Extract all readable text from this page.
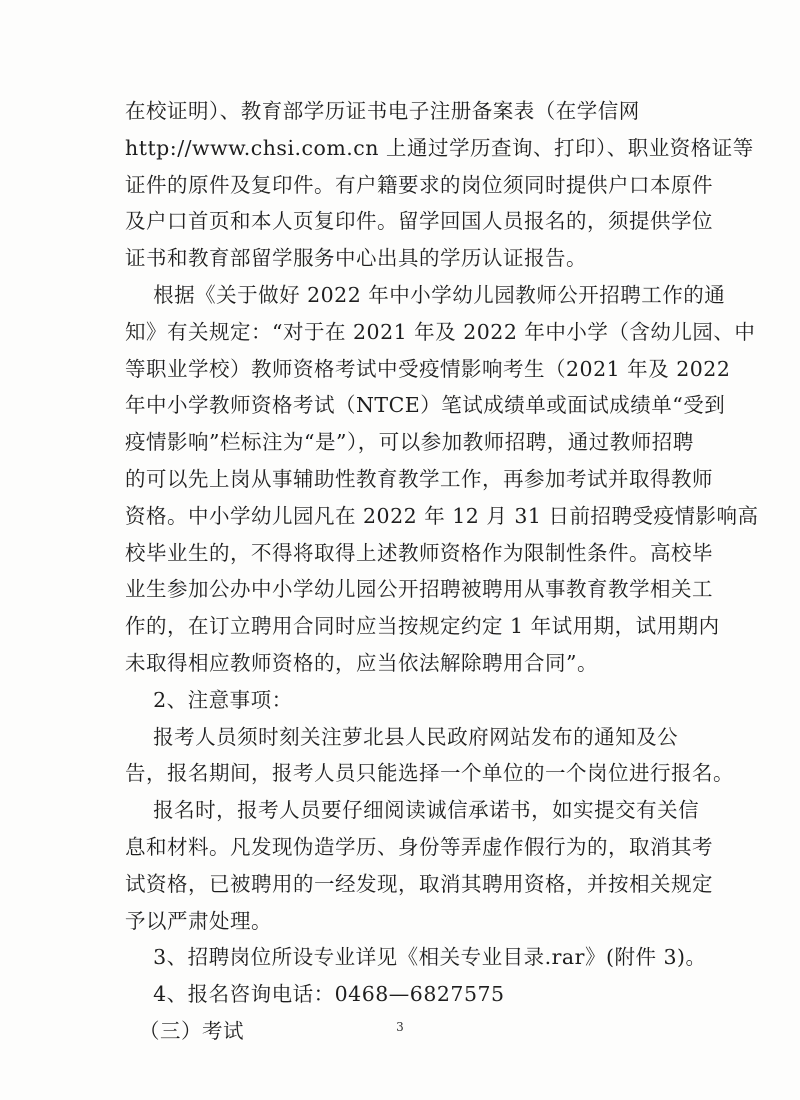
在校证明）、教育部学历证书电子注册备案表（在学信网
http://www.chsi.com.cn 上通过学历查询、打印）、职业资格证等
证件的原件及复印件。有户籍要求的岗位须同时提供户口本原件
及户口首页和本人页复印件。留学回国人员报名的，须提供学位
证书和教育部留学服务中心出具的学历认证报告。
根据《关于做好 2022 年中小学幼儿园教师公开招聘工作的通
知》有关规定：“对于在 2021 年及 2022 年中小学（含幼儿园、中
等职业学校）教师资格考试中受疫情影响考生（2021 年及 2022
年中小学教师资格考试（NTCE）笔试成绩单或面试成绩单“受到
疫情影响”栏标注为“是”），可以参加教师招聘，通过教师招聘
的可以先上岗从事辅助性教育教学工作，再参加考试并取得教师
资格。中小学幼儿园凡在 2022 年 12 月 31 日前招聘受疫情影响高
校毕业生的，不得将取得上述教师资格作为限制性条件。高校毕
业生参加公办中小学幼儿园公开招聘被聘用从事教育教学相关工
作的，在订立聘用合同时应当按规定约定 1 年试用期，试用期内
未取得相应教师资格的，应当依法解除聘用合同”。
2、注意事项：
报考人员须时刻关注萝北县人民政府网站发布的通知及公
告，报名期间，报考人员只能选择一个单位的一个岗位进行报名。
报名时，报考人员要仔细阅读诚信承诺书，如实提交有关信
息和材料。凡发现伪造学历、身份等弄虚作假行为的，取消其考
试资格，已被聘用的一经发现，取消其聘用资格，并按相关规定
予以严肃处理。
3、招聘岗位所设专业详见《相关专业目录.rar》(附件 3)。
4、报名咨询电话：0468—6827575
（三）考试	3
